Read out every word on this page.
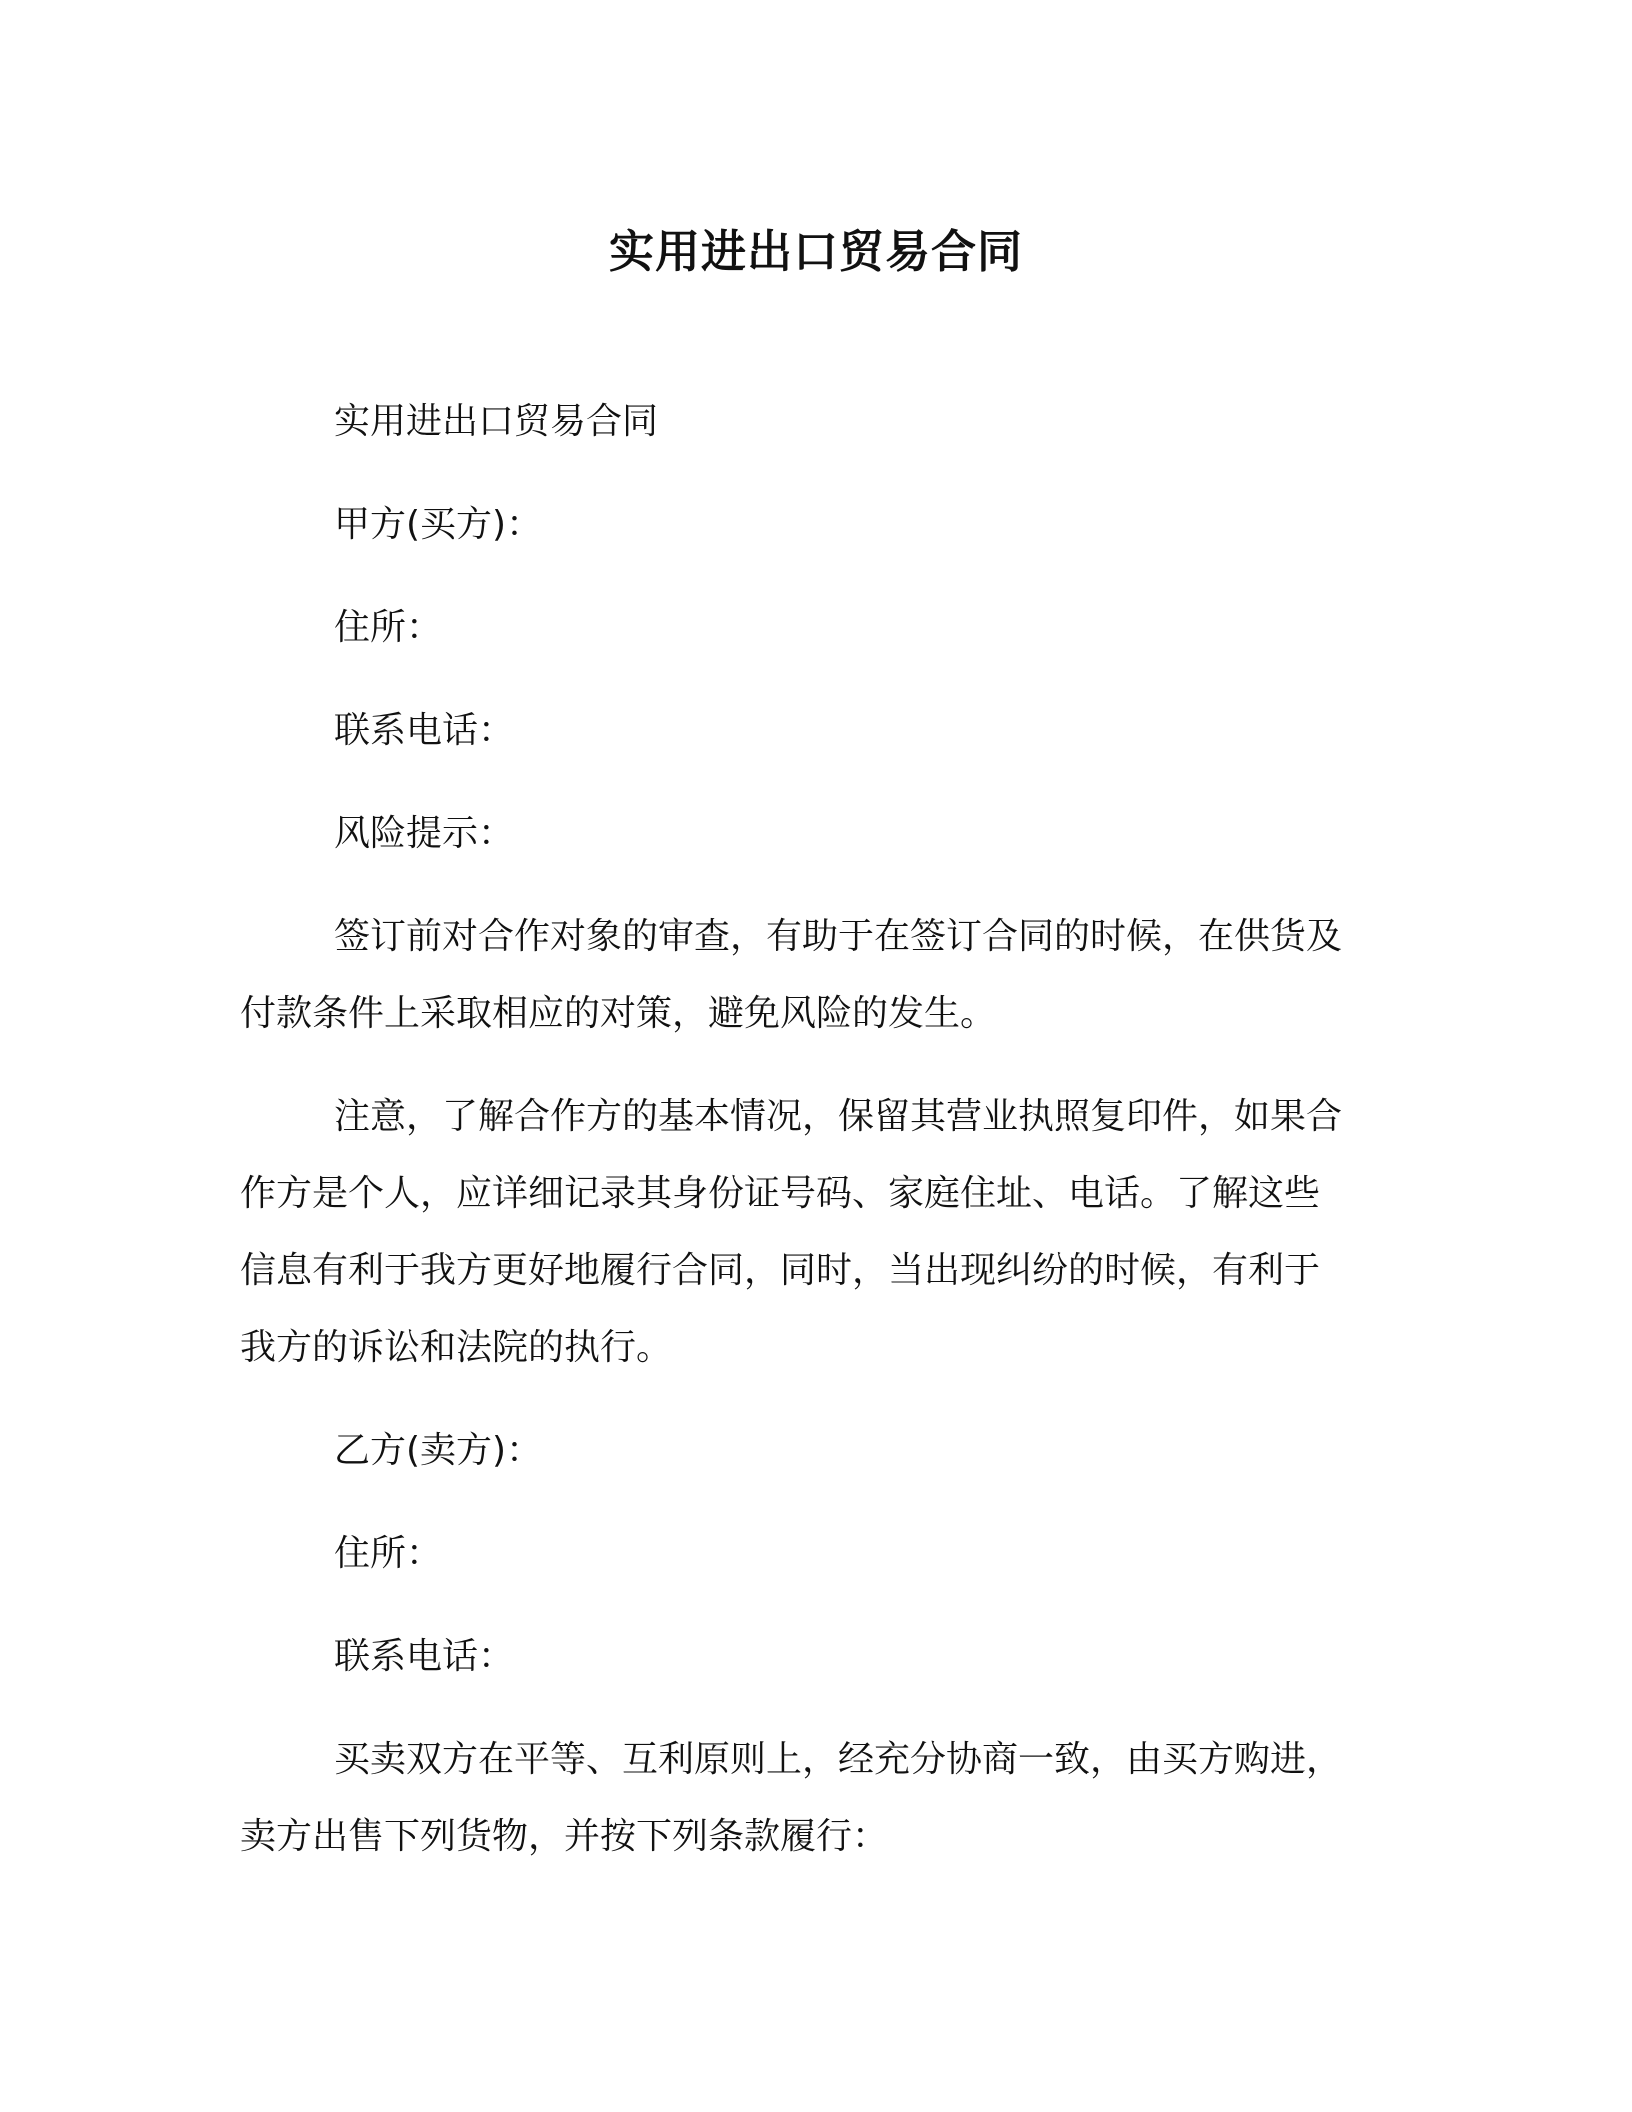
实用进出口贸易合同

实用进出口贸易合同

甲方(买方)：

住所：

联系电话：

风险提示：

签订前对合作对象的审查，有助于在签订合同的时候，在供货及

付款条件上采取相应的对策，避免风险的发生。

注意，了解合作方的基本情况，保留其营业执照复印件，如果合

作方是个人，应详细记录其身份证号码、家庭住址、电话。了解这些

信息有利于我方更好地履行合同，同时，当出现纠纷的时候，有利于

我方的诉讼和法院的执行。

乙方(卖方)：

住所：

联系电话：

买卖双方在平等、互利原则上，经充分协商一致，由买方购进，

卖方出售下列货物，并按下列条款履行：
